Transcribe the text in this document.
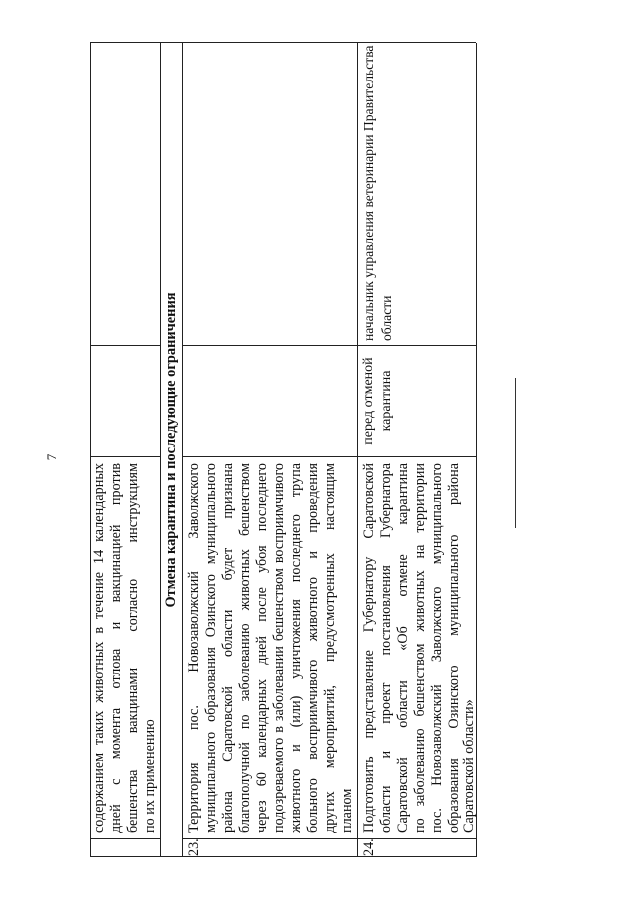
7
содержанием таких животных в течение 14 календарных дней с момента отлова и вакцинацией против бешенства вакцинами согласно инструкциям по их применению
Отмена карантина и последующие ограничения
23.
Территория пос. Новозаволжский Заволжского муниципального образования Озинского муниципального района Саратовской области будет признана благополучной по заболеванию животных бешенством через 60 календарных дней после убоя последнего подозреваемого в заболевании бешенством восприимчивого животного и (или) уничтожения последнего трупа больного восприимчивого животного и проведения других мероприятий, предусмотренных настоящим планом
24.
Подготовить представление Губернатору Саратовской области и проект постановления Губернатора Саратовской области «Об отмене карантина по заболеванию бешенством животных на территории пос. Новозаволжский Заволжского муниципального образования Озинского муниципального района Саратовской области»
перед отменой карантина
начальник управления ветеринарии Правительства области
